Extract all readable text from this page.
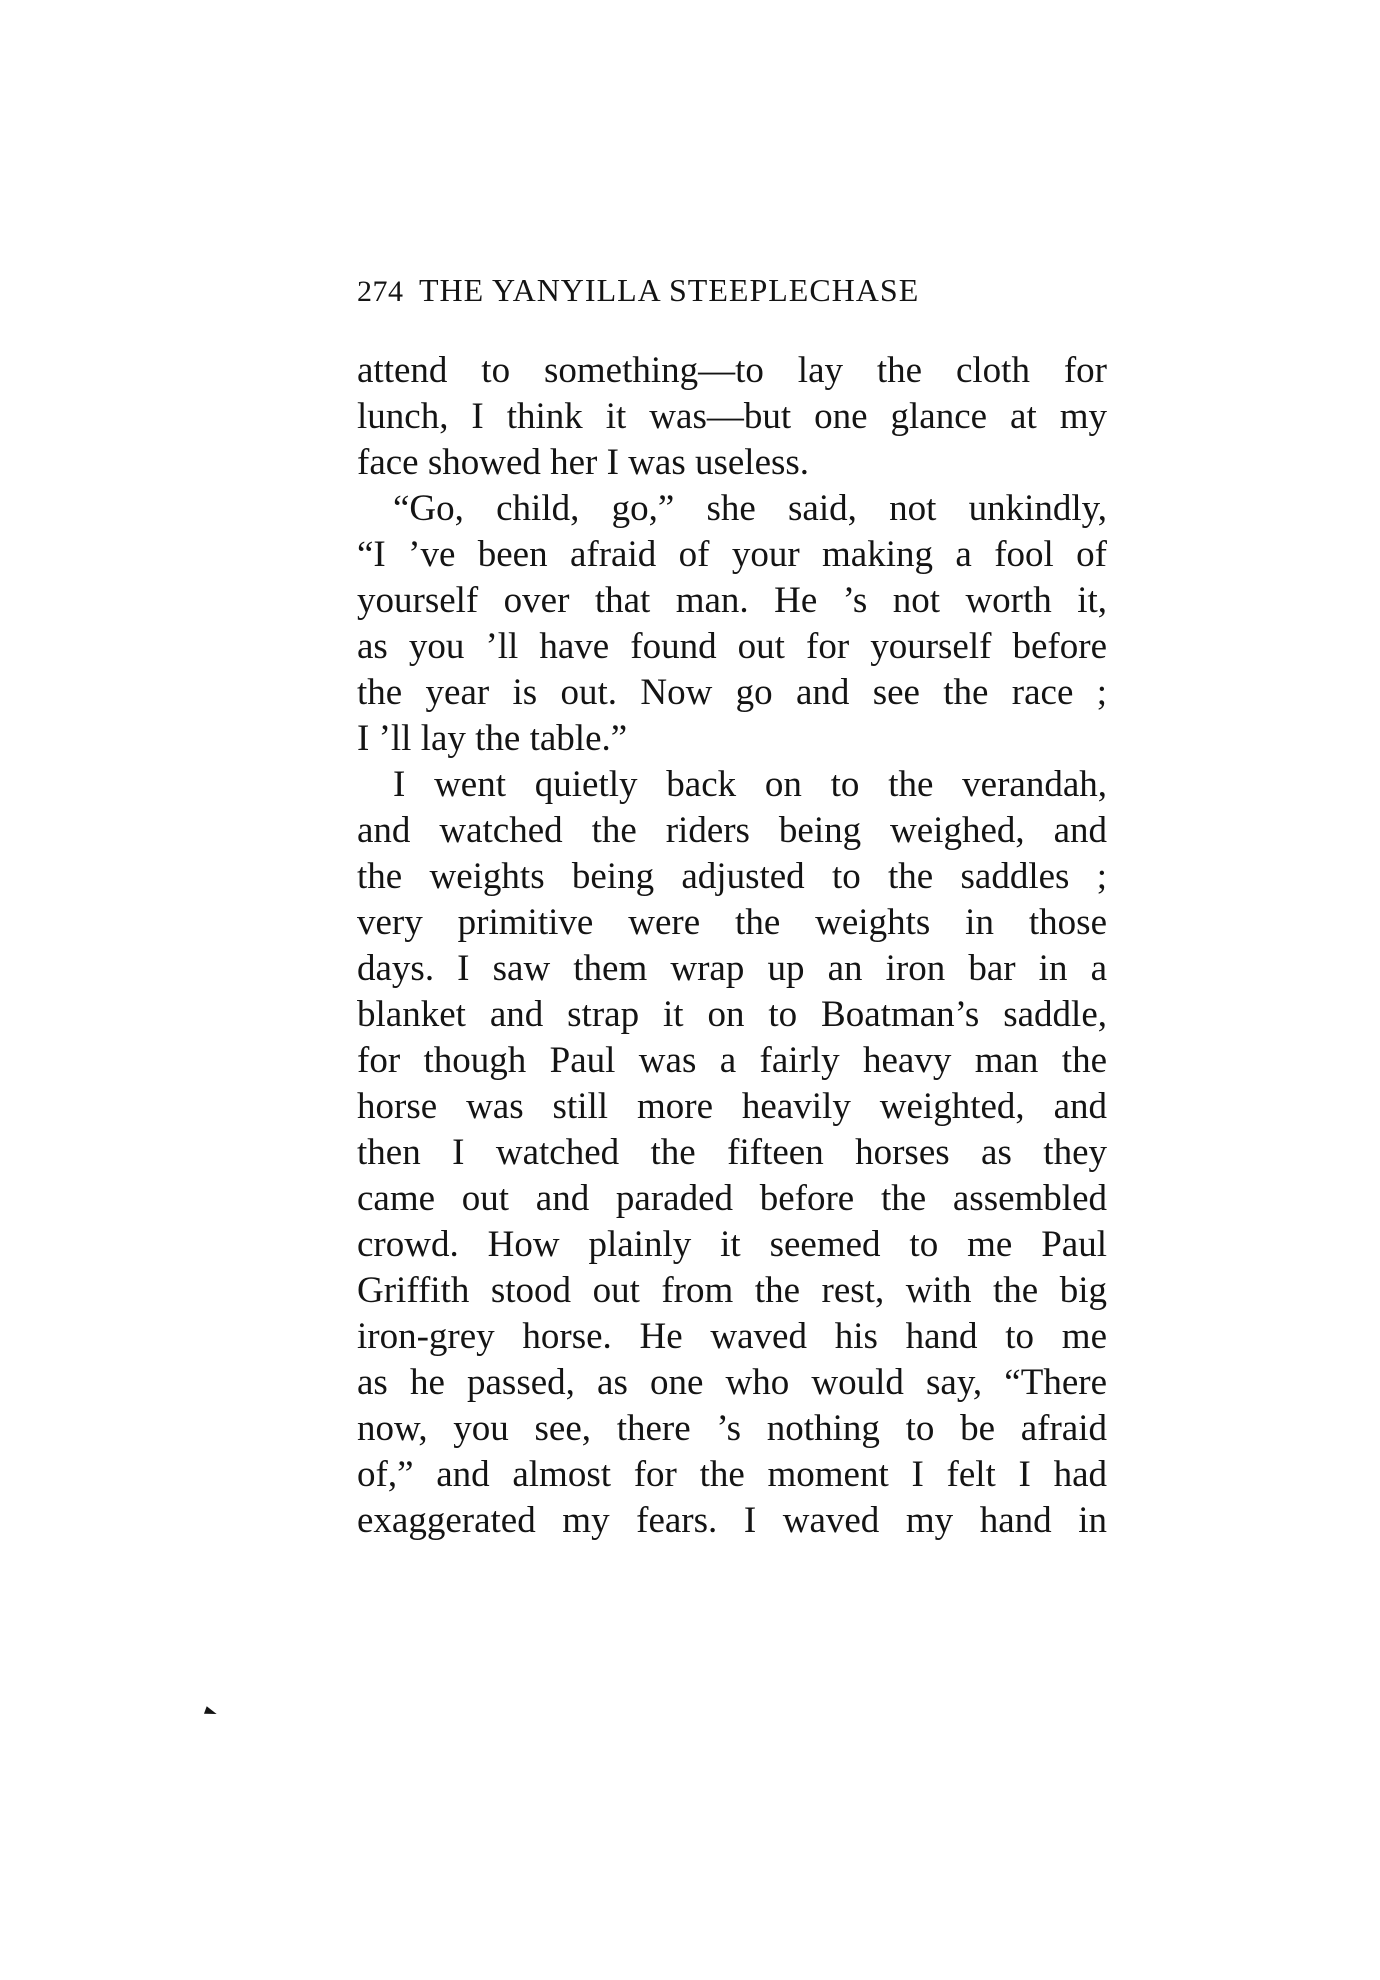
274 THE YANYILLA STEEPLECHASE
attend to something—to lay the cloth for
lunch, I think it was—but one glance at my
face showed her I was useless.
“Go, child, go,” she said, not unkindly,
“I ’ve been afraid of your making a fool of
yourself over that man. He ’s not worth it,
as you ’ll have found out for yourself before
the year is out. Now go and see the race ;
I ’ll lay the table.”
I went quietly back on to the verandah,
and watched the riders being weighed, and
the weights being adjusted to the saddles ;
very primitive were the weights in those
days. I saw them wrap up an iron bar in a
blanket and strap it on to Boatman’s saddle,
for though Paul was a fairly heavy man the
horse was still more heavily weighted, and
then I watched the fifteen horses as they
came out and paraded before the assembled
crowd. How plainly it seemed to me Paul
Griffith stood out from the rest, with the big
iron-grey horse. He waved his hand to me
as he passed, as one who would say, “There
now, you see, there ’s nothing to be afraid
of,” and almost for the moment I felt I had
exaggerated my fears. I waved my hand in
